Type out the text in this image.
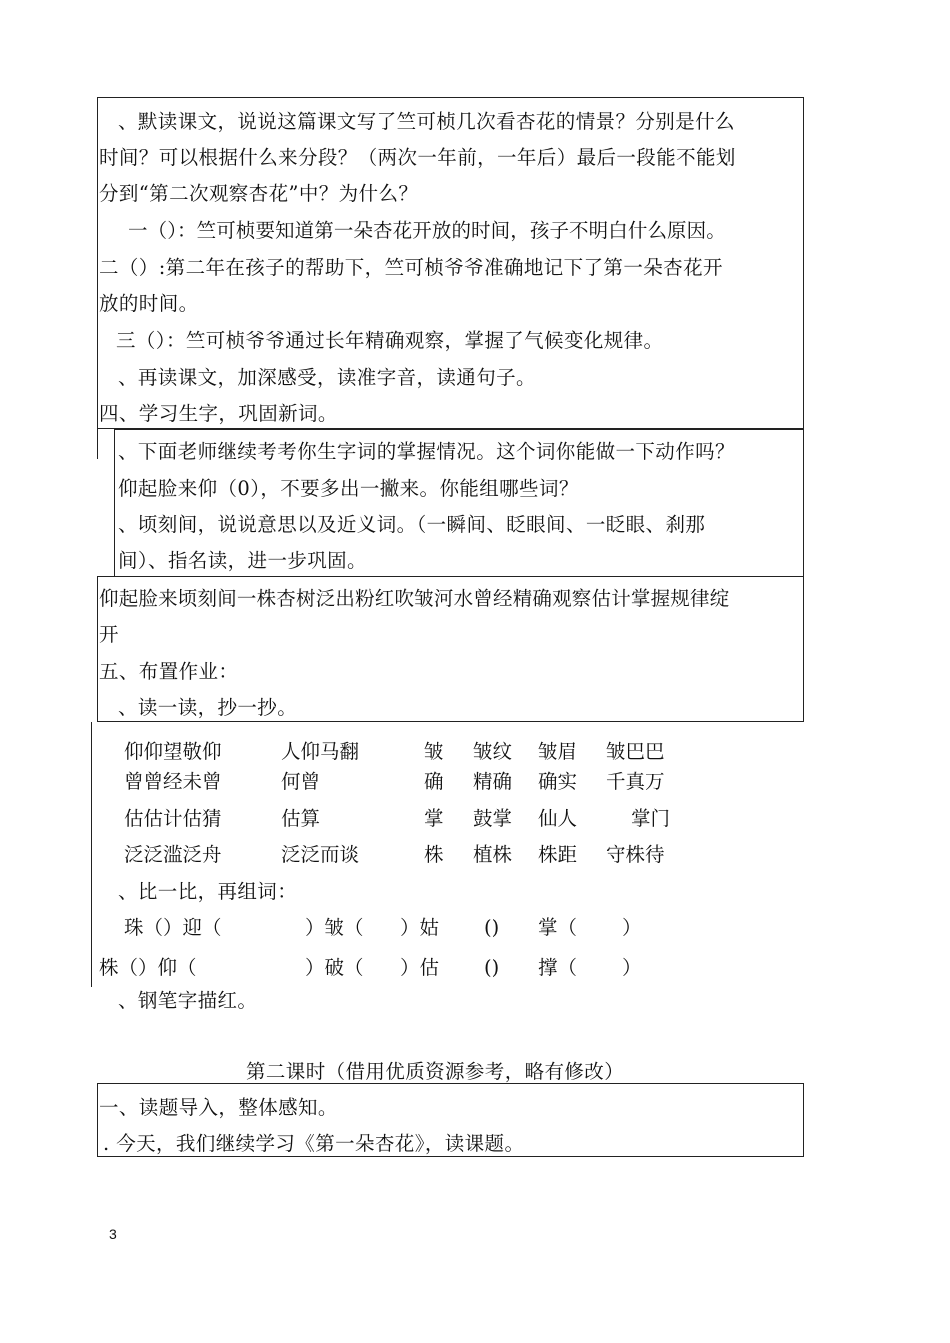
、默读课文，说说这篇课文写了竺可桢几次看杏花的情景？分别是什么
时间？可以根据什么来分段？（两次一年前，一年后）最后一段能不能划
分到“第二次观察杏花”中？为什么？
一（）：竺可桢要知道第一朵杏花开放的时间，孩子不明白什么原因。
二（）:第二年在孩子的帮助下，竺可桢爷爷准确地记下了第一朵杏花开
放的时间。
三（）：竺可桢爷爷通过长年精确观察，掌握了气候变化规律。
、再读课文，加深感受，读准字音，读通句子。
四、学习生字，巩固新词。
、下面老师继续考考你生字词的掌握情况。这个词你能做一下动作吗？
仰起脸来仰（0），不要多出一撇来。你能组哪些词？
、顷刻间，说说意思以及近义词。（一瞬间、眨眼间、一眨眼、刹那
间）、指名读，进一步巩固。
仰起脸来顷刻间一株杏树泛出粉红吹皱河水曾经精确观察估计掌握规律绽
开
五、布置作业：
、读一读，抄一抄。
仰仰望敬仰	人仰马翻	皱 皱纹 皱眉 皱巴巴
曾曾经未曾	何曾	确 精确 确实 千真万
估估计估猜	估算	掌 鼓掌 仙人	掌门
泛泛滥泛舟	泛泛而谈	株 植株 株距 守株待
、比一比，再组词：
珠（）迎（	）皱（ ）姑 () 掌（ ）
株（）仰（	）破（ ）估 () 撑（ ）
、钢笔字描红。
第二课时（借用优质资源参考，略有修改）
一、读题导入，整体感知。
. 今天，我们继续学习《第一朵杏花》，读课题。
3
